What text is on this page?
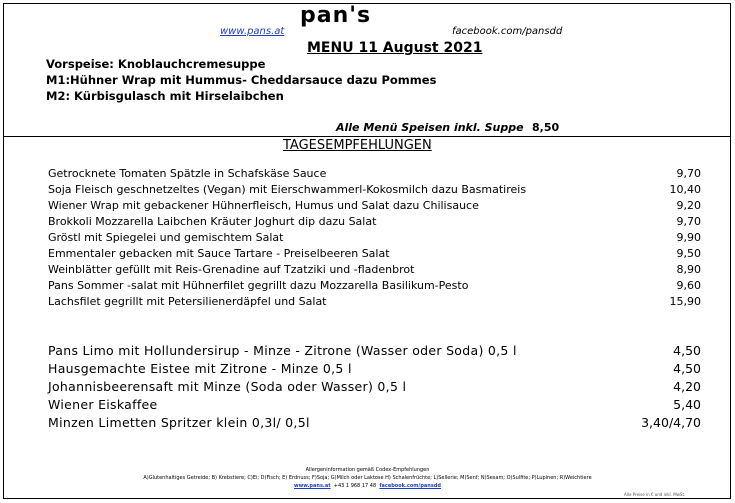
www.pans.at
pan's
facebook.com/pansdd
MENU 11 August 2021
Vorspeise: Knoblauchcremesuppe
M1:Hühner Wrap mit Hummus- Cheddarsauce dazu Pommes
M2: Kürbisgulasch mit Hirselaibchen
Alle Menü Speisen inkl. Suppe 8,50
TAGESEMPFEHLUNGEN
Getrocknete Tomaten Spätzle in Schafskäse Sauce	9,70
Soja Fleisch geschnetzeltes (Vegan) mit Eierschwammerl-Kokosmilch dazu Basmatireis	10,40
Wiener Wrap mit gebackener Hühnerfleisch, Humus und Salat dazu Chilisauce	9,20
Brokkoli Mozzarella Laibchen Kräuter Joghurt dip dazu Salat	9,70
Gröstl mit Spiegelei und gemischtem Salat	9,90
Emmentaler gebacken mit Sauce Tartare - Preiselbeeren Salat	9,50
Weinblätter gefüllt mit Reis-Grenadine auf Tzatziki und -fladenbrot	8,90
Pans Sommer -salat mit Hühnerfilet gegrillt dazu Mozzarella Basilikum-Pesto	9,60
Lachsfilet gegrillt mit Petersilienerdäpfel und Salat	15,90
Pans Limo mit Hollundersirup - Minze - Zitrone (Wasser oder Soda) 0,5 l	4,50
Hausgemachte Eistee mit Zitrone - Minze 0,5 l	4,50
Johannisbeerensaft mit Minze (Soda oder Wasser) 0,5 l	4,20
Wiener Eiskaffee	5,40
Minzen Limetten Spritzer klein 0,3l/ 0,5l	3,40/4,70
Allergeninformation gemäß Codex-Empfehlungen
A)Glutenhaltiges Getreide; B) Krebstiere; C)Ei; D)Fisch; E) Erdnuss; F)Soja; G)Milch oder Laktose H) Schalenfrüchte; L)Sellerie; M)Senf; N)Sesam; O)Sulfite; P)Lupinen; R)Weichtiere
www.pans.at +43 1 968 17 48 facebook.com/pansdd
Alle Preise in € und inkl. MwSt.
